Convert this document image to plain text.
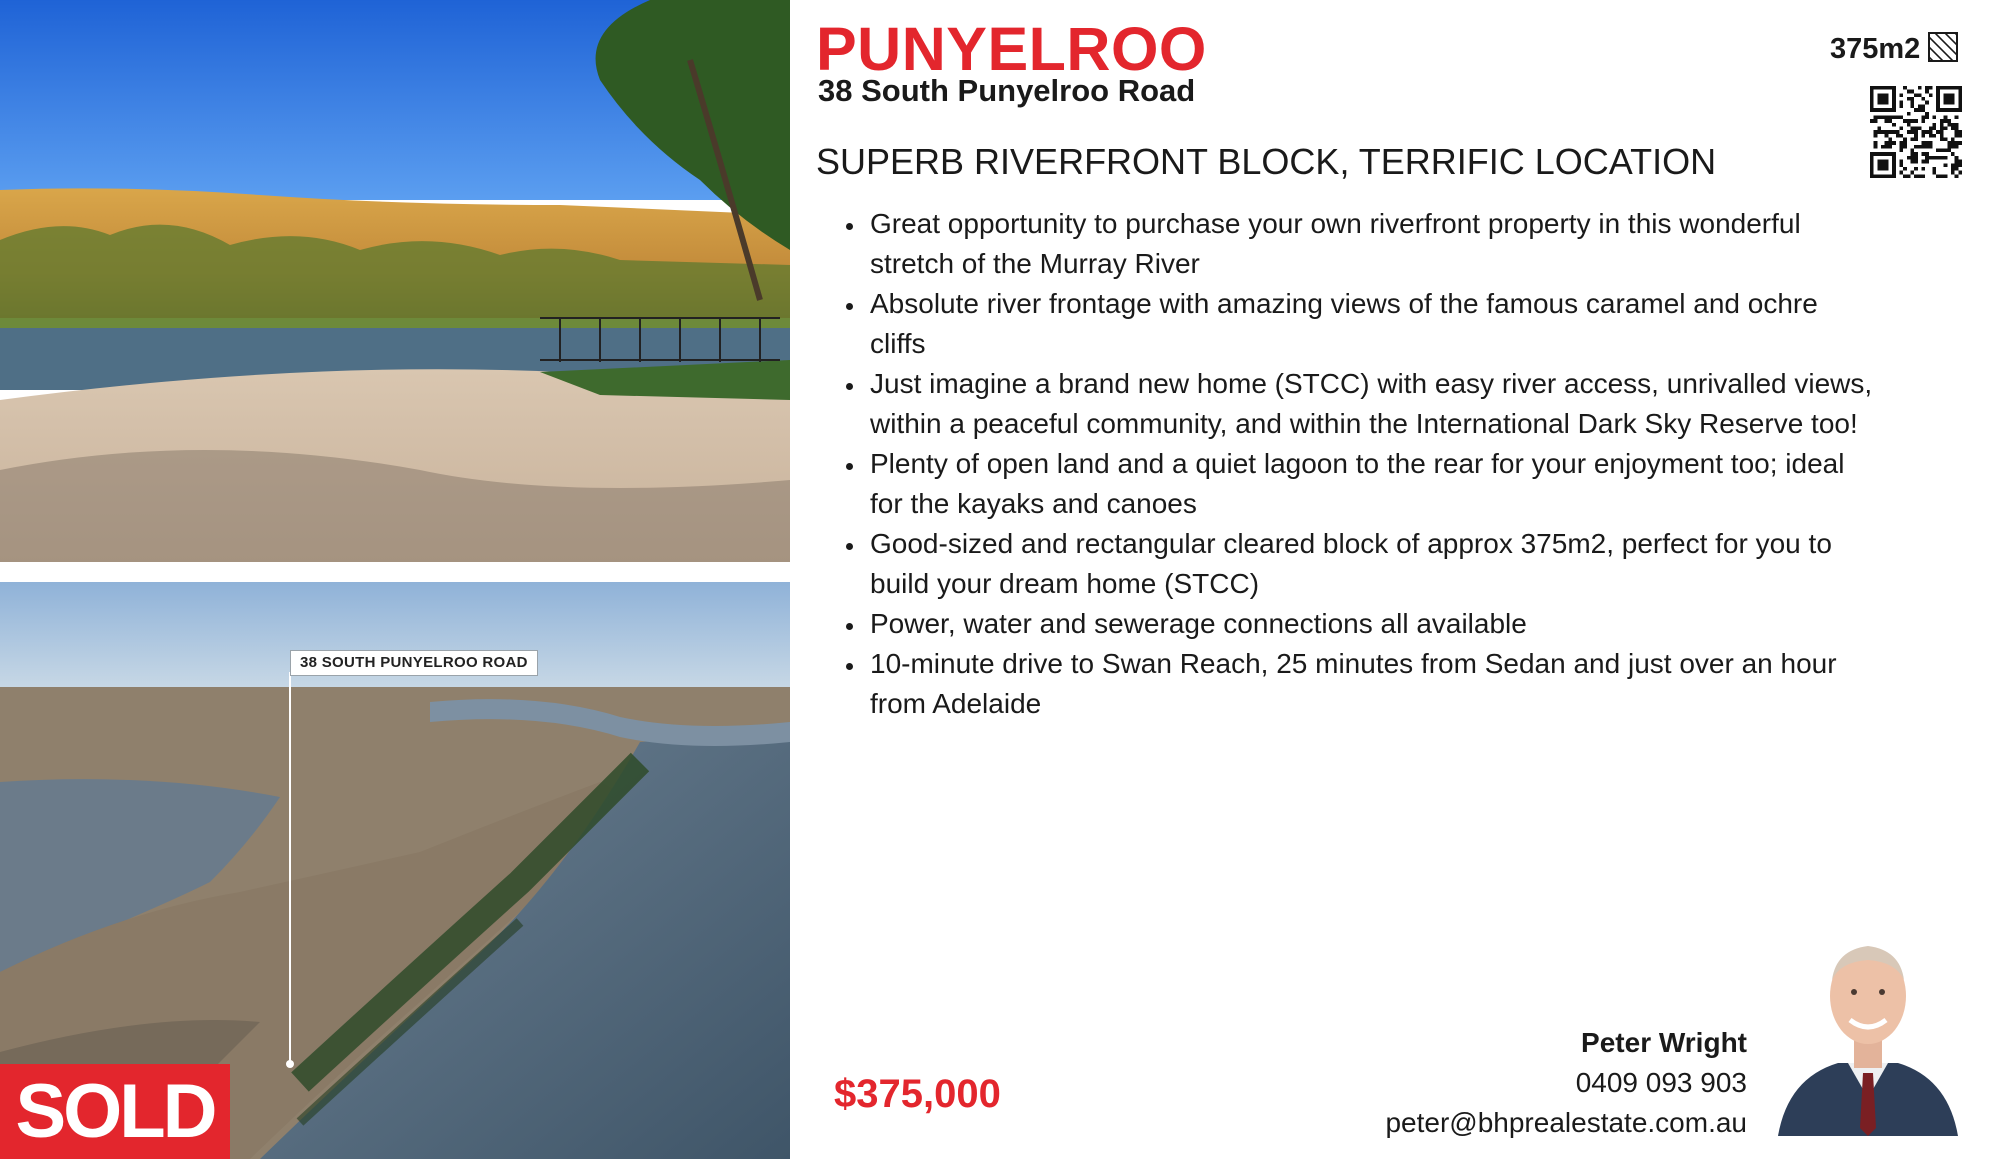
38 SOUTH PUNYELROO ROAD
SOLD
PUNYELROO
38 South Punyelroo Road
SUPERB RIVERFRONT BLOCK, TERRIFIC LOCATION
375m2
• Great opportunity to purchase your own riverfront property in this wonderful stretch of the Murray River
• Absolute river frontage with amazing views of the famous caramel and ochre cliffs
• Just imagine a brand new home (STCC) with easy river access, unrivalled views, within a peaceful community, and within the International Dark Sky Reserve too!
• Plenty of open land and a quiet lagoon to the rear for your enjoyment too; ideal for the kayaks and canoes
• Good-sized and rectangular cleared block of approx 375m2, perfect for you to build your dream home (STCC)
• Power, water and sewerage connections all available
• 10-minute drive to Swan Reach, 25 minutes from Sedan and just over an hour from Adelaide
$375,000
Peter Wright
0409 093 903
peter@bhprealestate.com.au
